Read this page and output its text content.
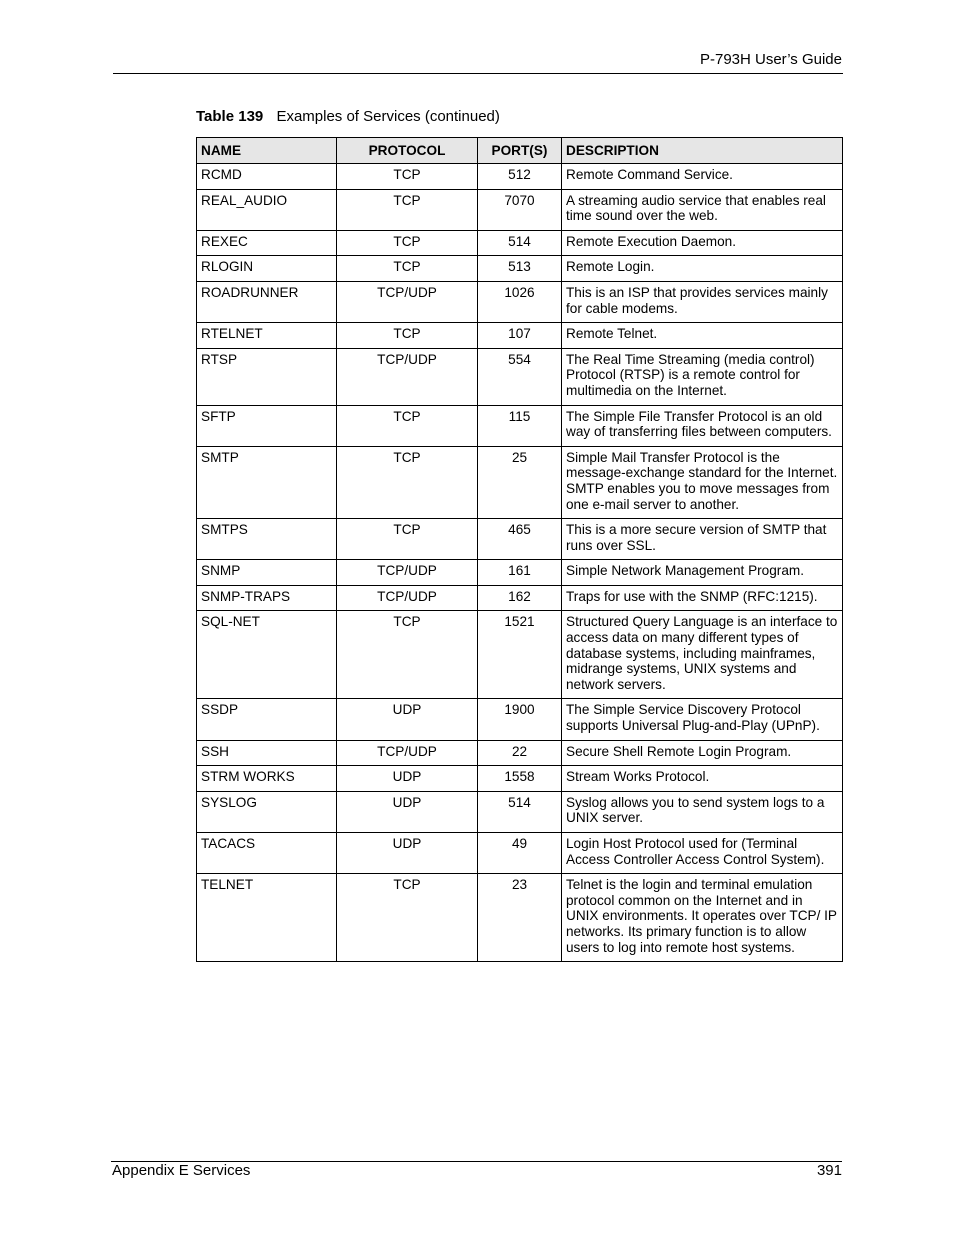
P-793H User’s Guide
Table 139 Examples of Services (continued)
NAME	PROTOCOL	PORT(S)	DESCRIPTION
RCMD	TCP	512	Remote Command Service.
REAL_AUDIO	TCP	7070	A streaming audio service that enables real time sound over the web.
REXEC	TCP	514	Remote Execution Daemon.
RLOGIN	TCP	513	Remote Login.
ROADRUNNER	TCP/UDP	1026	This is an ISP that provides services mainly for cable modems.
RTELNET	TCP	107	Remote Telnet.
RTSP	TCP/UDP	554	The Real Time Streaming (media control) Protocol (RTSP) is a remote control for multimedia on the Internet.
SFTP	TCP	115	The Simple File Transfer Protocol is an old way of transferring files between computers.
SMTP	TCP	25	Simple Mail Transfer Protocol is the message-exchange standard for the Internet. SMTP enables you to move messages from one e-mail server to another.
SMTPS	TCP	465	This is a more secure version of SMTP that runs over SSL.
SNMP	TCP/UDP	161	Simple Network Management Program.
SNMP-TRAPS	TCP/UDP	162	Traps for use with the SNMP (RFC:1215).
SQL-NET	TCP	1521	Structured Query Language is an interface to access data on many different types of database systems, including mainframes, midrange systems, UNIX systems and network servers.
SSDP	UDP	1900	The Simple Service Discovery Protocol supports Universal Plug-and-Play (UPnP).
SSH	TCP/UDP	22	Secure Shell Remote Login Program.
STRM WORKS	UDP	1558	Stream Works Protocol.
SYSLOG	UDP	514	Syslog allows you to send system logs to a UNIX server.
TACACS	UDP	49	Login Host Protocol used for (Terminal Access Controller Access Control System).
TELNET	TCP	23	Telnet is the login and terminal emulation protocol common on the Internet and in UNIX environments. It operates over TCP/ IP networks. Its primary function is to allow users to log into remote host systems.
Appendix E Services	391
